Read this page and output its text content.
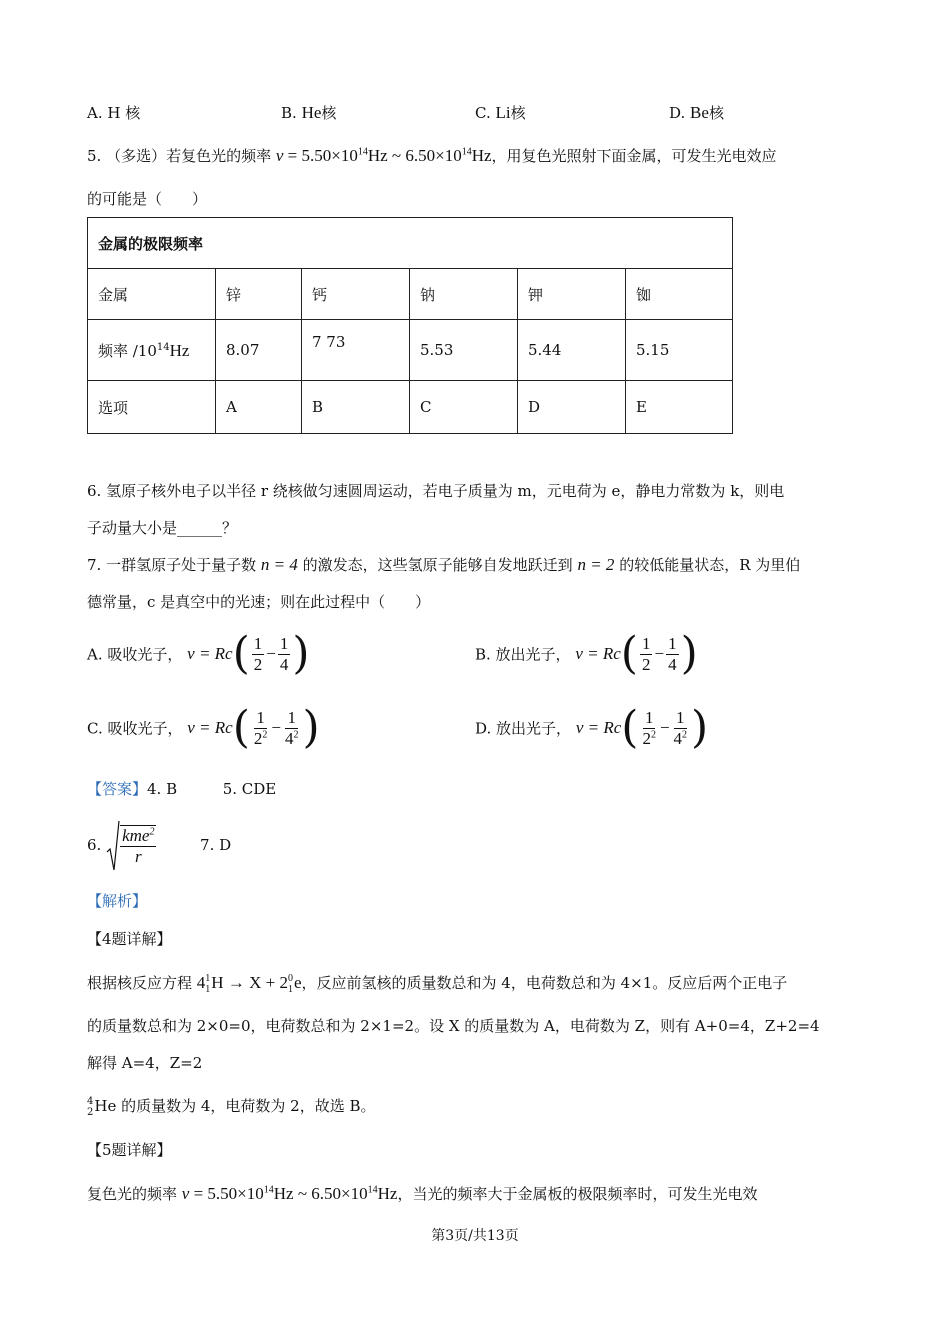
A. H 核	B. He核	C. Li核	D. Be核
5. （多选）若复色光的频率 $v = 5.50\times 10^{14}Hz$ ~ $6.50\times 10^{14}Hz$，用复色光照射下面金属，可发生光电效应
的可能是（　　）
金属的极限频率					
金属	锌	钙	钠	钾	铷
频率 $/10^{14}Hz$	8.07	7 73	5.53	5.44	5.15
选项	A	B	C	D	E
6. 氢原子核外电子以半径 r 绕核做匀速圆周运动，若电子质量为 m，元电荷为 e，静电力常数为 k，则电
子动量大小是______？
7. 一群氢原子处于量子数 n = 4 的激发态，这些氢原子能够自发地跃迁到 n = 2 的较低能量状态，R 为里伯
德常量，c 是真空中的光速；则在此过程中（　　）
A. 吸收光子， $v = Rc( \frac{1}{2} - \frac{1}{4}$ )	B. 放出光子， $v = Rc( \frac{1}{2} - \frac{1}{4}$ )
C. 吸收光子， $v = Rc( \frac{1}{2^2} - \frac{1}{4^2}$ )	D. 放出光子， $v = Rc( \frac{1}{2^2} - \frac{1}{4^2}$ )
【答案】4. B	5. CDE
6. $\frac{kme^2}{r}$	7. D
【解析】
【4题详解】
根据核反应方程 4 1
1 H → X + 2 0
1 e，反应前氢核的质量数总和为 4，电荷数总和为 4×1。反应后两个正电子
的质量数总和为 2×0=0，电荷数总和为 2×1=2。设 X 的质量数为 A，电荷数为 Z，则有 A+0=4，Z+2=4
解得 A=4，Z=2
4
2 He 的质量数为 4，电荷数为 2，故选 B。
【5题详解】
复色光的频率 $v = 5.50\times 10^{14}Hz$ ~ $6.50\times 10^{14}Hz$，当光的频率大于金属板的极限频率时，可发生光电效
第3页/共13页
